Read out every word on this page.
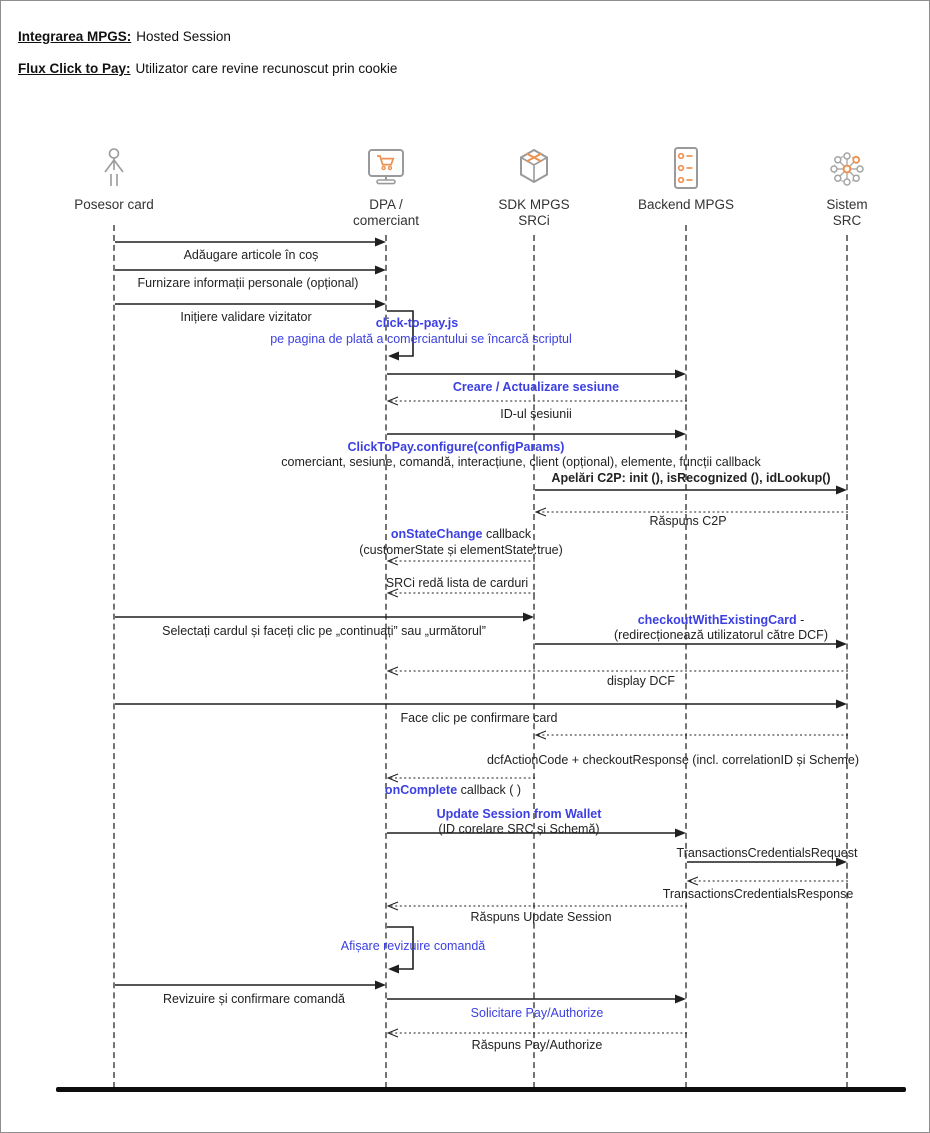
Integrarea MPGS: Hosted Session
Flux Click to Pay: Utilizator care revine recunoscut prin cookie
Posesor card	DPA /
comerciant
SDK MPGS
SRCi
Backend MPGS	Sistem
SRC
Adăugare articole în coș
Furnizare informații personale (opțional)
Inițiere validare vizitator	click-to-pay.js
pe pagina de plată a comerciantului se încarcă scriptul
Creare / Actualizare sesiune
ID-ul sesiunii
ClickToPay.configure(configParams)
comerciant, sesiune, comandă, interacțiune, client (opțional), elemente, funcții callback
Apelări C2P: init (), isRecognized (), idLookup()
Răspuns C2P
onStateChange callback
(customerState și elementState:true)
SRCi redă lista de carduri
Selectați cardul și faceți clic pe „continuați” sau „următorul”
checkoutWithExistingCard -
(redirecționează utilizatorul către DCF)
display DCF
Face clic pe confirmare card
dcfActionCode + checkoutResponse (incl. correlationID și Scheme)
onComplete callback ( )
Update Session from Wallet
(ID corelare SRC și Schemă)
TransactionsCredentialsRequest
TransactionsCredentialsResponse
Răspuns Update Session
Afișare revizuire comandă
Revizuire și confirmare comandă
Solicitare Pay/Authorize
Răspuns Pay/Authorize
